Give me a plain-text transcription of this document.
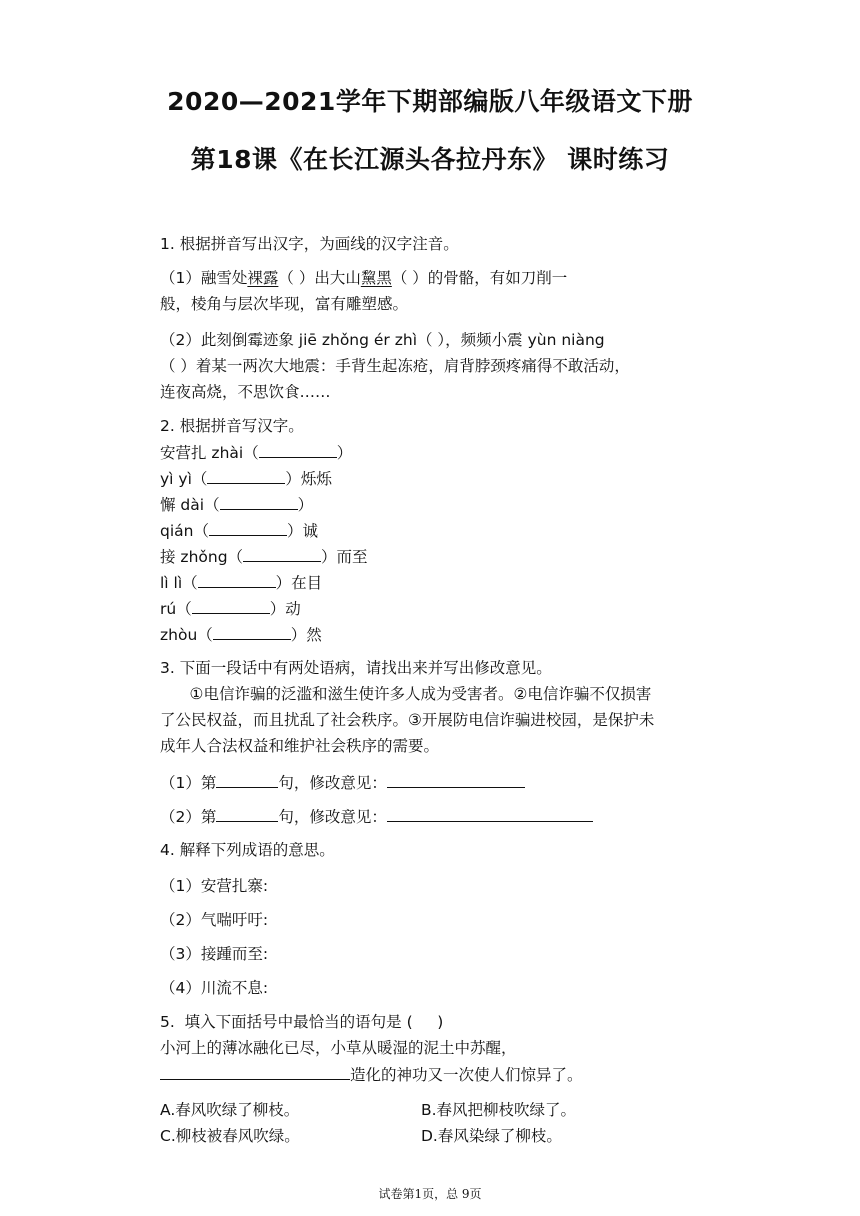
2020—2021学年下期部编版八年级语文下册
第18课《在长江源头各拉丹东》 课时练习
1. 根据拼音写出汉字，为画线的汉字注音。
（1）融雪处裸露（ ）出大山黧黑（ ）的骨骼，有如刀削一
般，棱角与层次毕现，富有雕塑感。
（2）此刻倒霉迹象 jiē zhǒng ér zhì（ ），频频小震 yùn niàng
（ ）着某一两次大地震：手背生起冻疮，肩背脖颈疼痛得不敢活动，
连夜高烧，不思饮食……
2. 根据拼音写汉字。
安营扎 zhài（	）
yì yì（	）烁烁
懈 dài（	）
qián（	）诚
接 zhǒng（	）而至
lì lì（	）在目
rú（	）动
zhòu（	）然
3. 下面一段话中有两处语病，请找出来并写出修改意见。
①电信诈骗的泛滥和滋生使许多人成为受害者。②电信诈骗不仅损害
了公民权益，而且扰乱了社会秩序。③开展防电信诈骗进校园，是保护未
成年人合法权益和维护社会秩序的需要。
（1）第	句，修改意见：
（2）第	句，修改意见：
4. 解释下列成语的意思。
（1）安营扎寨:
（2）气喘吁吁:
（3）接踵而至:
（4）川流不息:
5.  填入下面括号中最恰当的语句是 (     )
小河上的薄冰融化已尽，小草从暖湿的泥土中苏醒，
造化的神功又一次使人们惊异了。
A.春风吹绿了柳枝。	B.春风把柳枝吹绿了。
C.柳枝被春风吹绿。	D.春风染绿了柳枝。
试卷第1页，总 9页
